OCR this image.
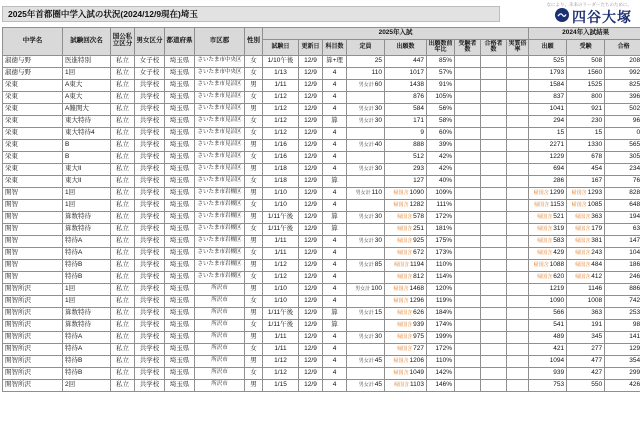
2025年首都圏中学入試の状況(2024/12/9現在)埼玉
なにより、未来のリーダーたちのために。
四谷大塚
中学名	試験回次名	国公私立区分	男女区分	都道府県	市区郡	性別	2025年入試									2024年入試結果		
							試験日	更新日	科目数	定員	出願数	出願数前年比	受験者数	合格者数	実質倍率	出願	受験	合格
淑徳与野	医進特別	私立	女子校	埼玉県	さいたま市中央区	女	1/10午後	12/9	算+理	25	447	85%				525	508	208
淑徳与野	1回	私立	女子校	埼玉県	さいたま市中央区	女	1/13	12/9	4	110	1017	57%				1793	1560	992
栄東	A東大	私立	共学校	埼玉県	さいたま市見沼区	男	1/11	12/9	4	男女計60	1438	91%				1584	1525	825
栄東	A東大	私立	共学校	埼玉県	さいたま市見沼区	女	1/12	12/9	4		876	105%				837	800	396
栄東	A難関大	私立	共学校	埼玉県	さいたま市見沼区	男	1/12	12/9	4	男女計30	584	56%				1041	921	502
栄東	東大特待	私立	共学校	埼玉県	さいたま市見沼区	女	1/12	12/9	算	男女計30	171	58%				294	230	96
栄東	東大特待4	私立	共学校	埼玉県	さいたま市見沼区	女	1/12	12/9	4		9	60%				15	15	0
栄東	B	私立	共学校	埼玉県	さいたま市見沼区	男	1/16	12/9	4	男女計40	888	39%				2271	1330	565
栄東	B	私立	共学校	埼玉県	さいたま市見沼区	女	1/16	12/9	4		512	42%				1229	678	305
栄東	東大II	私立	共学校	埼玉県	さいたま市見沼区	男	1/18	12/9	4	男女計30	293	42%				694	454	234
栄東	東大II	私立	共学校	埼玉県	さいたま市見沼区	女	1/18	12/9	算		127	40%				286	167	76
開智	1回	私立	共学校	埼玉県	さいたま市岩槻区	男	1/10	12/9	4	男女計110	帰国含1090	109%				帰国含1299	帰国含1293	828
開智	1回	私立	共学校	埼玉県	さいたま市岩槻区	女	1/10	12/9	4		帰国含1282	111%				帰国含1153	帰国含1085	648
開智	算数特待	私立	共学校	埼玉県	さいたま市岩槻区	男	1/11午後	12/9	算	男女計30	帰国含578	172%				帰国含521	帰国含363	194
開智	算数特待	私立	共学校	埼玉県	さいたま市岩槻区	女	1/11午後	12/9	算		帰国含251	181%				帰国含319	帰国含179	63
開智	特待A	私立	共学校	埼玉県	さいたま市岩槻区	男	1/11	12/9	4	男女計30	帰国含925	175%				帰国含583	帰国含381	147
開智	特待A	私立	共学校	埼玉県	さいたま市岩槻区	女	1/11	12/9	4		帰国含672	173%				帰国含429	帰国含243	104
開智	特待B	私立	共学校	埼玉県	さいたま市岩槻区	男	1/12	12/9	4	男女計85	帰国含1194	110%				帰国含1088	帰国含484	186
開智	特待B	私立	共学校	埼玉県	さいたま市岩槻区	女	1/12	12/9	4		帰国含812	114%				帰国含620	帰国含412	246
開智所沢	1回	私立	共学校	埼玉県	所沢市	男	1/10	12/9	4	男女計100	帰国含1468	120%				1219	1146	886
開智所沢	1回	私立	共学校	埼玉県	所沢市	女	1/10	12/9	4		帰国含1296	119%				1090	1008	742
開智所沢	算数特待	私立	共学校	埼玉県	所沢市	男	1/11午後	12/9	算	男女計15	帰国含626	184%				566	363	253
開智所沢	算数特待	私立	共学校	埼玉県	所沢市	女	1/11午後	12/9	算		帰国含939	174%				541	191	98
開智所沢	特待A	私立	共学校	埼玉県	所沢市	男	1/11	12/9	4	男女計30	帰国含975	199%				489	345	141
開智所沢	特待A	私立	共学校	埼玉県	所沢市	女	1/11	12/9	4		帰国含727	172%				421	277	129
開智所沢	特待B	私立	共学校	埼玉県	所沢市	男	1/12	12/9	4	男女計45	帰国含1206	110%				1094	477	354
開智所沢	特待B	私立	共学校	埼玉県	所沢市	女	1/12	12/9	4		帰国含1049	142%				939	427	299
開智所沢	2回	私立	共学校	埼玉県	所沢市	男	1/15	12/9	4	男女計45	帰国含1103	146%				753	550	426
